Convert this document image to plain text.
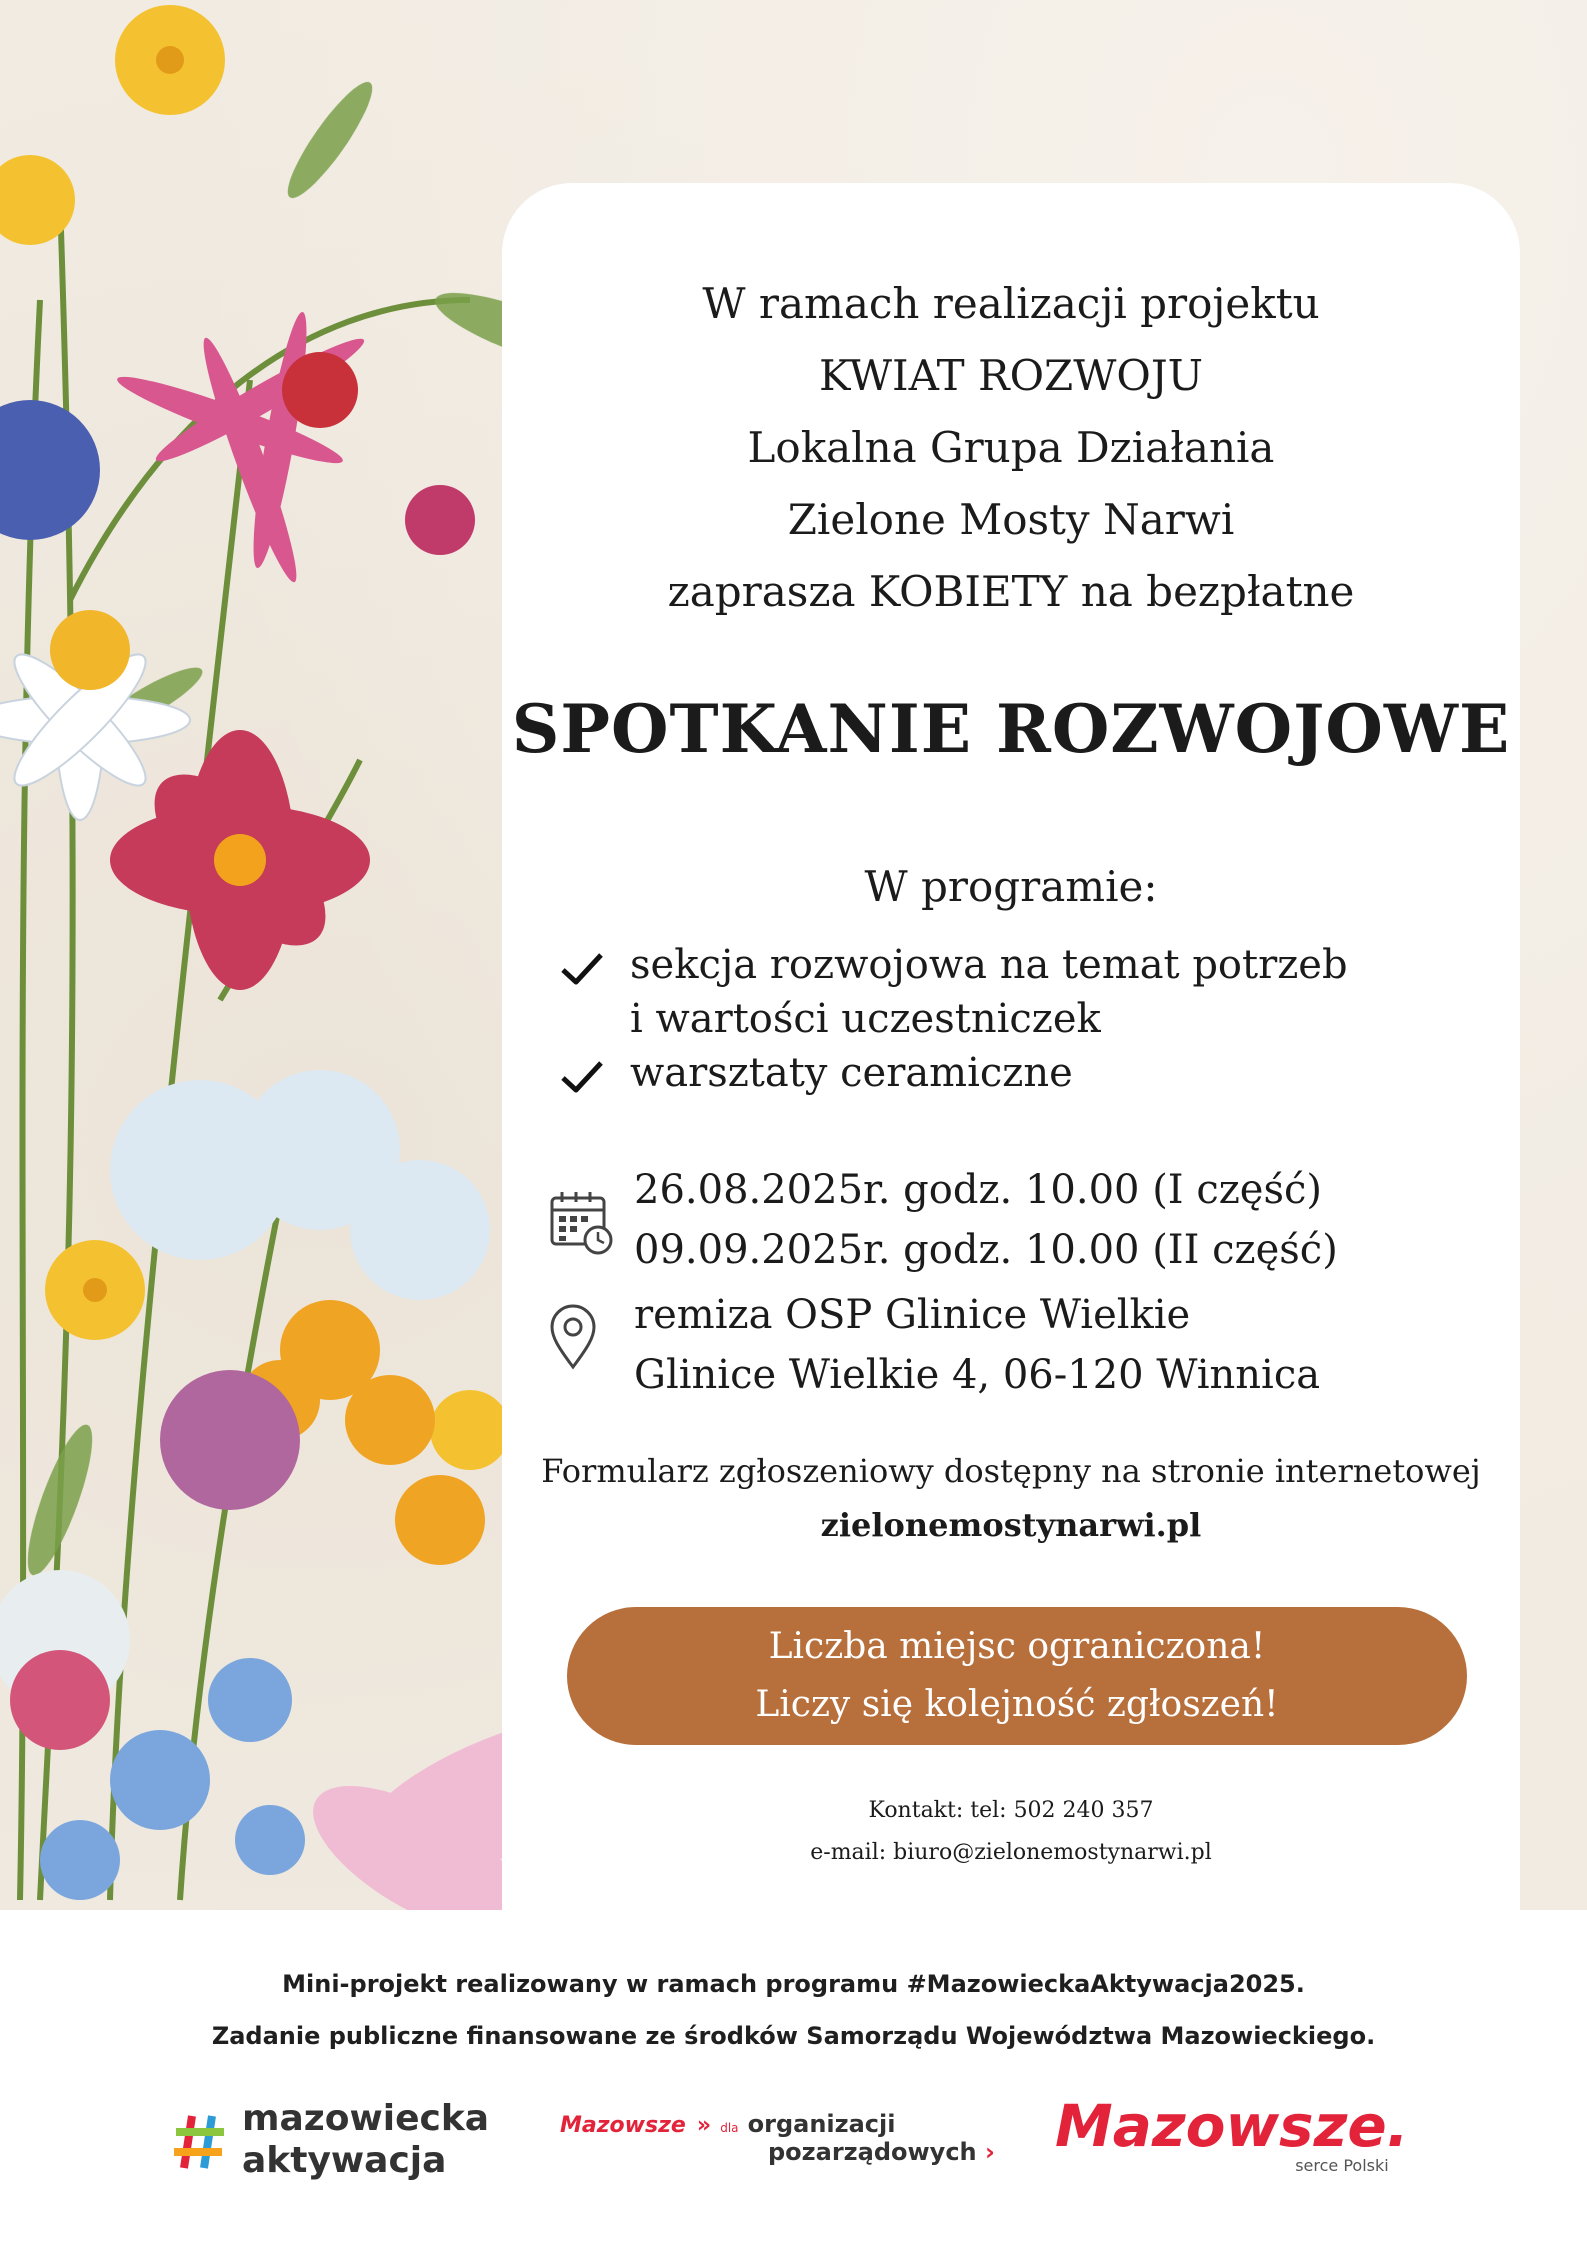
W ramach realizacji projektu
KWIAT ROZWOJU
Lokalna Grupa Działania
Zielone Mosty Narwi
zaprasza KOBIETY na bezpłatne
SPOTKANIE ROZWOJOWE
W programie:
sekcja rozwojowa na temat potrzeb
i wartości uczestniczek
warsztaty ceramiczne
26.08.2025r. godz. 10.00 (I część)
09.09.2025r. godz. 10.00 (II część)
remiza OSP Glinice Wielkie
Glinice Wielkie 4, 06-120 Winnica
Formularz zgłoszeniowy dostępny na stronie internetowej
zielonemostynarwi.pl
Liczba miejsc ograniczona!
Liczy się kolejność zgłoszeń!
Kontakt: tel: 502 240 357
e-mail: biuro@zielonemostynarwi.pl
Mini-projekt realizowany w ramach programu #MazowieckaAktywacja2025.
Zadanie publiczne finansowane ze środków Samorządu Województwa Mazowieckiego.
mazowiecka
aktywacja
Mazowsze » dla organizacji
pozarządowych › Mazowsze.
serce Polski
